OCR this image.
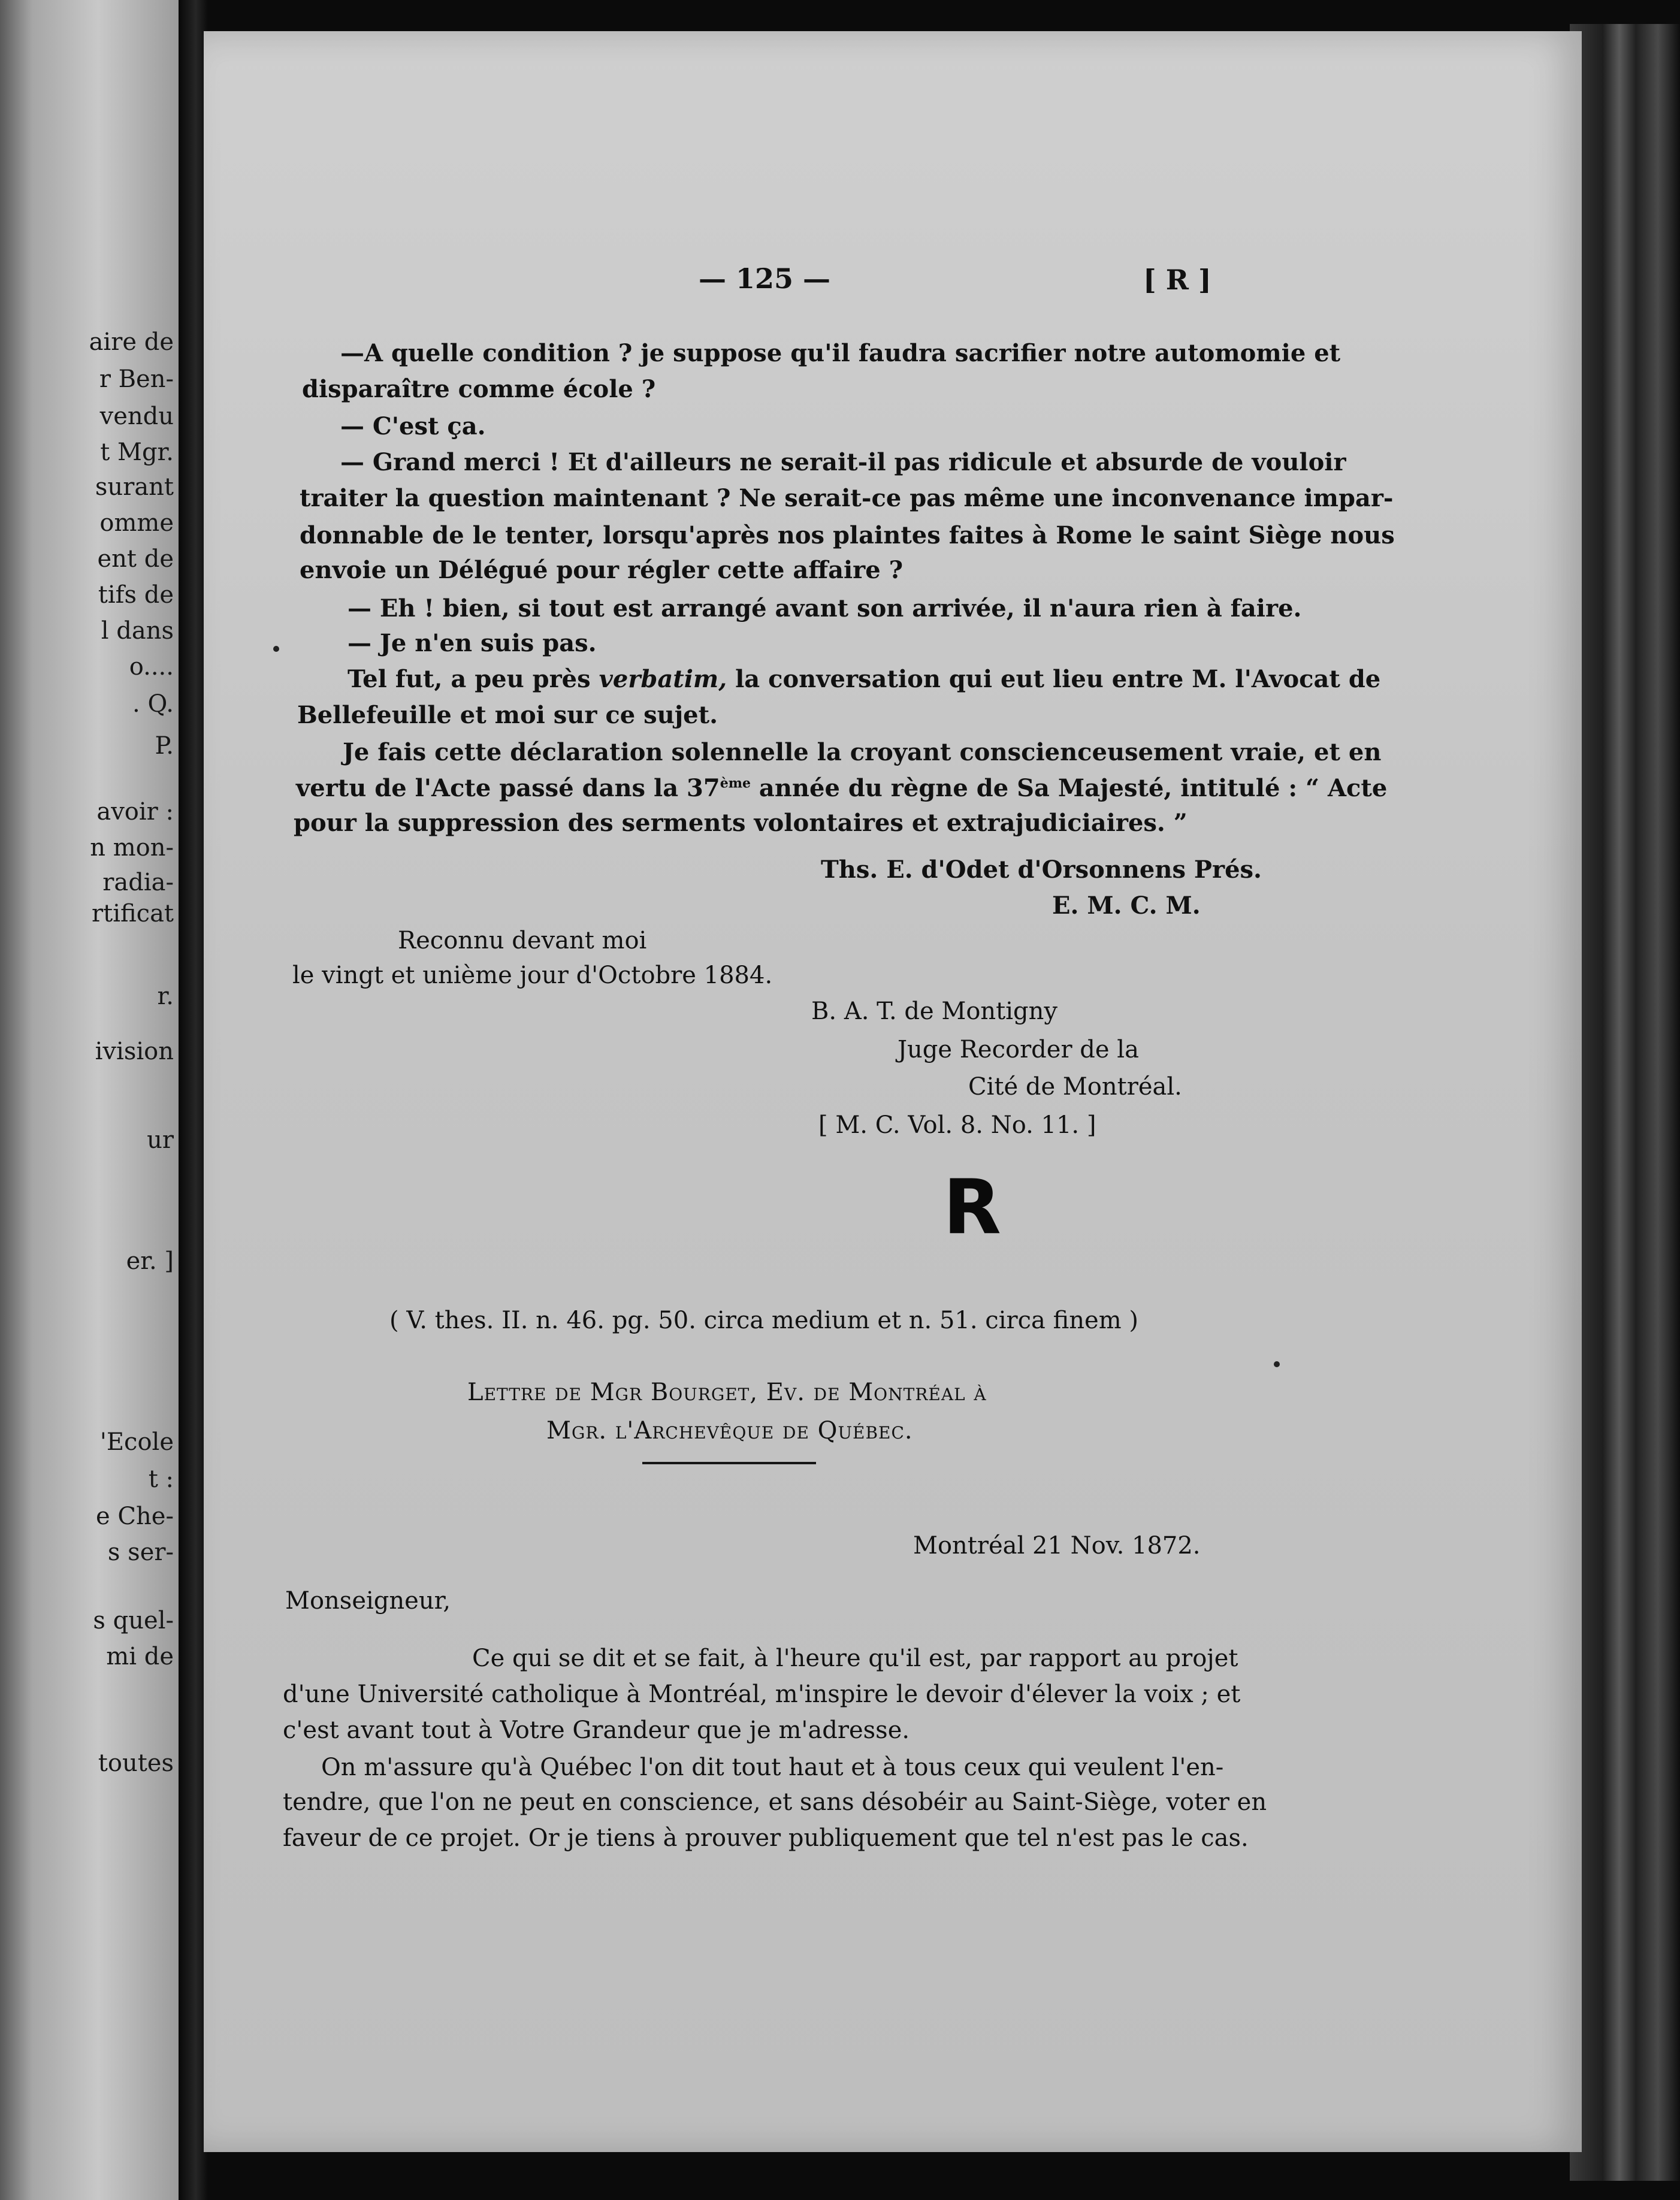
aire de
r Ben-
vendu
t Mgr.
surant
omme
ent de
tifs de
l dans
o....
. Q.
P.
avoir :
n mon-
radia-
rtificat
r.
ivision
ur
er. ]
'Ecole
t :
e Che-
s ser-
s quel-
mi de
toutes
— 125 —	[ R ]
—A quelle condition ? je suppose qu'il faudra sacrifier notre automomie et
disparaître comme école ?
— C'est ça.
— Grand merci ! Et d'ailleurs ne serait-il pas ridicule et absurde de vouloir
traiter la question maintenant ? Ne serait-ce pas même une inconvenance impar-
donnable de le tenter, lorsqu'après nos plaintes faites à Rome le saint Siège nous
envoie un Délégué pour régler cette affaire ?
— Eh ! bien, si tout est arrangé avant son arrivée, il n'aura rien à faire.
— Je n'en suis pas.
Tel fut, a peu près verbatim, la conversation qui eut lieu entre M. l'Avocat de
Bellefeuille et moi sur ce sujet.
Je fais cette déclaration solennelle la croyant conscienceusement vraie, et en
vertu de l'Acte passé dans la 37ème année du règne de Sa Majesté, intitulé : “ Acte
pour la suppression des serments volontaires et extrajudiciaires. ”
Ths. E. d'Odet d'Orsonnens Prés.
E. M. C. M.
Reconnu devant moi
le vingt et unième jour d'Octobre 1884.
B. A. T. de Montigny
Juge Recorder de la
Cité de Montréal.
[ M. C. Vol. 8. No. 11. ]
R
( V. thes. II. n. 46. pg. 50. circa medium et n. 51. circa finem )
Lettre de Mgr Bourget, Ev. de Montréal à
Mgr. l'Archevêque de Québec.
Montréal 21 Nov. 1872.
Monseigneur,
Ce qui se dit et se fait, à l'heure qu'il est, par rapport au projet
d'une Université catholique à Montréal, m'inspire le devoir d'élever la voix ; et
c'est avant tout à Votre Grandeur que je m'adresse.
On m'assure qu'à Québec l'on dit tout haut et à tous ceux qui veulent l'en-
tendre, que l'on ne peut en conscience, et sans désobéir au Saint-Siège, voter en
faveur de ce projet. Or je tiens à prouver publiquement que tel n'est pas le cas.
